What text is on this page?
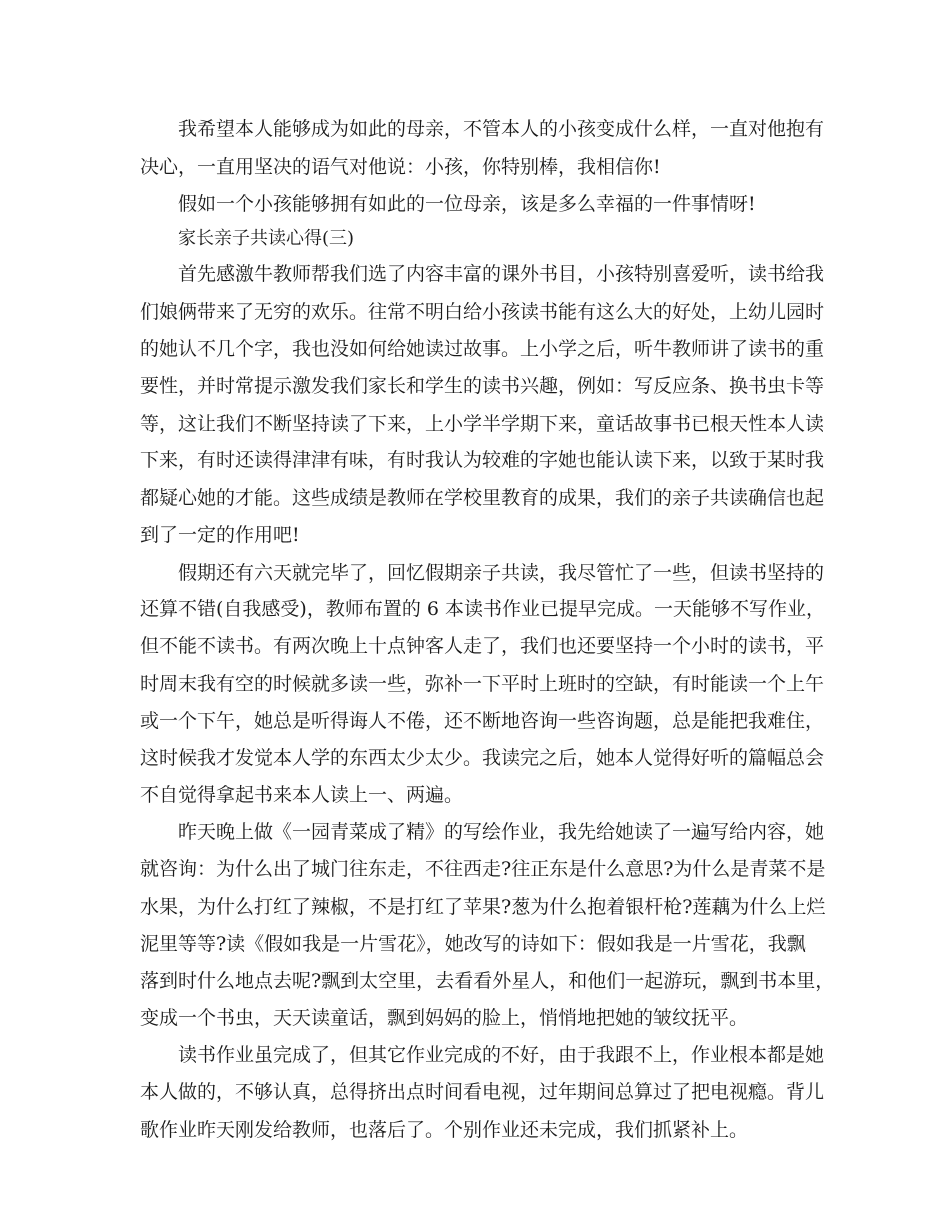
我希望本人能够成为如此的母亲，不管本人的小孩变成什么样，一直对他抱有
决心，一直用坚决的语气对他说：小孩，你特别棒，我相信你!
假如一个小孩能够拥有如此的一位母亲，该是多么幸福的一件事情呀!
家长亲子共读心得(三)
首先感激牛教师帮我们选了内容丰富的课外书目，小孩特别喜爱听，读书给我
们娘俩带来了无穷的欢乐。往常不明白给小孩读书能有这么大的好处，上幼儿园时
的她认不几个字，我也没如何给她读过故事。上小学之后，听牛教师讲了读书的重
要性，并时常提示激发我们家长和学生的读书兴趣，例如：写反应条、换书虫卡等
等，这让我们不断坚持读了下来，上小学半学期下来，童话故事书已根天性本人读
下来，有时还读得津津有味，有时我认为较难的字她也能认读下来，以致于某时我
都疑心她的才能。这些成绩是教师在学校里教育的成果，我们的亲子共读确信也起
到了一定的作用吧!
假期还有六天就完毕了，回忆假期亲子共读，我尽管忙了一些，但读书坚持的
还算不错(自我感受)，教师布置的 6 本读书作业已提早完成。一天能够不写作业，
但不能不读书。有两次晚上十点钟客人走了，我们也还要坚持一个小时的读书，平
时周末我有空的时候就多读一些，弥补一下平时上班时的空缺，有时能读一个上午
或一个下午，她总是听得诲人不倦，还不断地咨询一些咨询题，总是能把我难住，
这时候我才发觉本人学的东西太少太少。我读完之后，她本人觉得好听的篇幅总会
不自觉得拿起书来本人读上一、两遍。
昨天晚上做《一园青菜成了精》的写绘作业，我先给她读了一遍写给内容，她
就咨询：为什么出了城门往东走，不往西走?往正东是什么意思?为什么是青菜不是
水果，为什么打红了辣椒，不是打红了苹果?葱为什么抱着银杆枪?莲藕为什么上烂
泥里等等?读《假如我是一片雪花》，她改写的诗如下：假如我是一片雪花，我飘
落到时什么地点去呢?飘到太空里，去看看外星人，和他们一起游玩，飘到书本里，
变成一个书虫，天天读童话，飘到妈妈的脸上，悄悄地把她的皱纹抚平。
读书作业虽完成了，但其它作业完成的不好，由于我跟不上，作业根本都是她
本人做的，不够认真，总得挤出点时间看电视，过年期间总算过了把电视瘾。背儿
歌作业昨天刚发给教师，也落后了。个别作业还未完成，我们抓紧补上。
